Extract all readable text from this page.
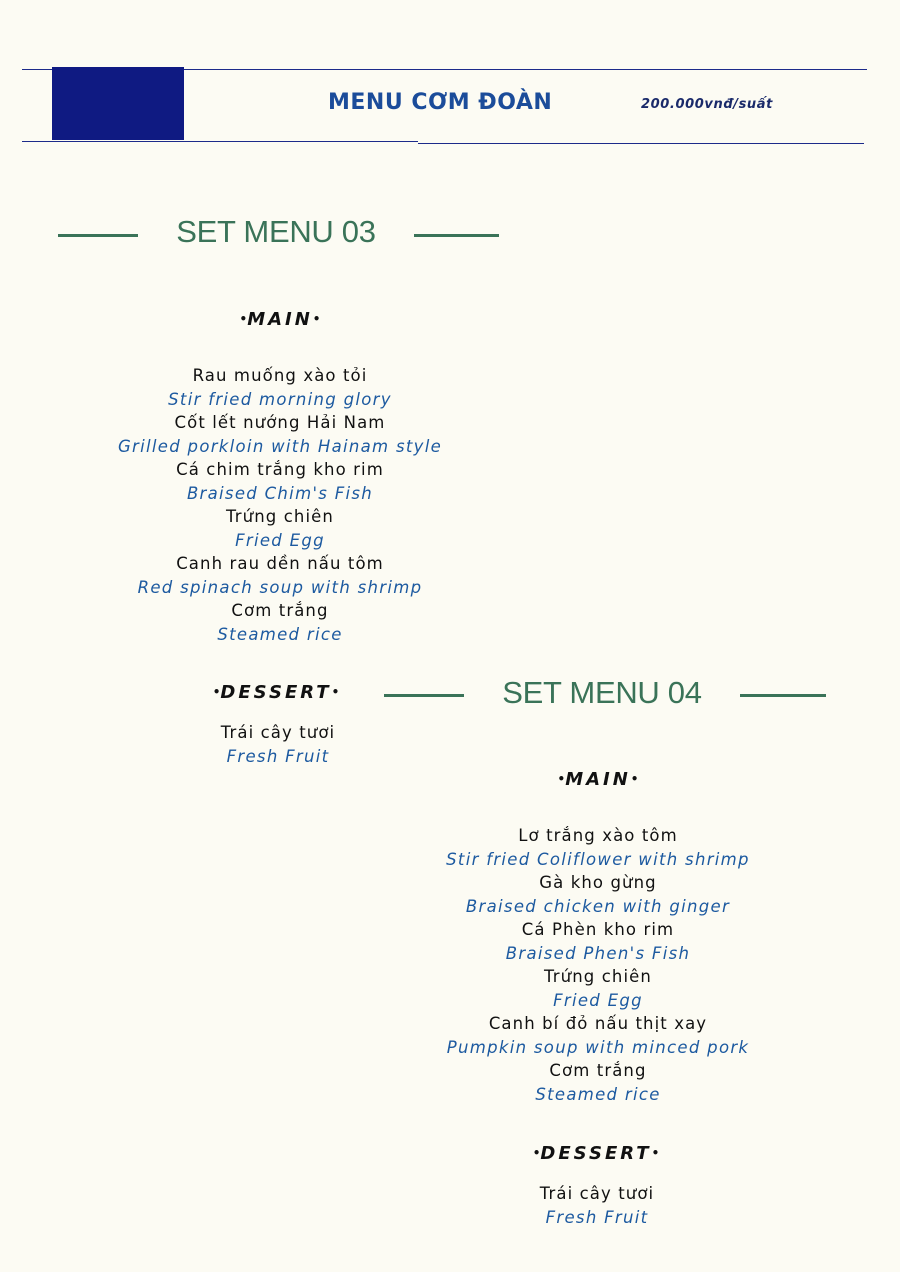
MENU CƠM ĐOÀN	200.000vnđ/suất
SET MENU 03
•MAIN•
Rau muống xào tỏi
Stir fried morning glory
Cốt lết nướng Hải Nam
Grilled porkloin with Hainam style
Cá chim trắng kho rim
Braised Chim's Fish
Trứng chiên
Fried Egg
Canh rau dền nấu tôm
Red spinach soup with shrimp
Cơm trắng
Steamed rice
•DESSERT•
Trái cây tươi
Fresh Fruit
SET MENU 04
•MAIN•
Lơ trắng xào tôm
Stir fried Coliflower with shrimp
Gà kho gừng
Braised chicken with ginger
Cá Phèn kho rim
Braised Phen's Fish
Trứng chiên
Fried Egg
Canh bí đỏ nấu thịt xay
Pumpkin soup with minced pork
Cơm trắng
Steamed rice
•DESSERT•
Trái cây tươi
Fresh Fruit
